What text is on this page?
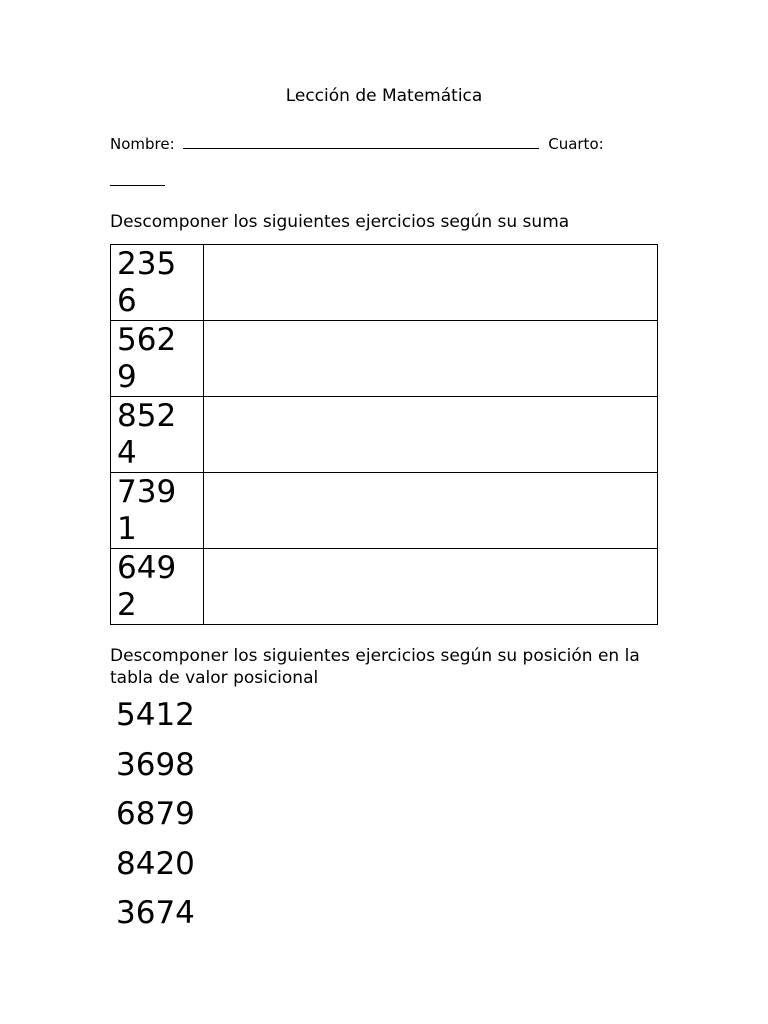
Lección de Matemática
Nombre:	Cuarto:
Descomponer los siguientes ejercicios según su suma
2356	

5629	

8524	

7391	

6492	

Descomponer los siguientes ejercicios según su posición en la tabla de valor posicional
5412
3698
6879
8420
3674
